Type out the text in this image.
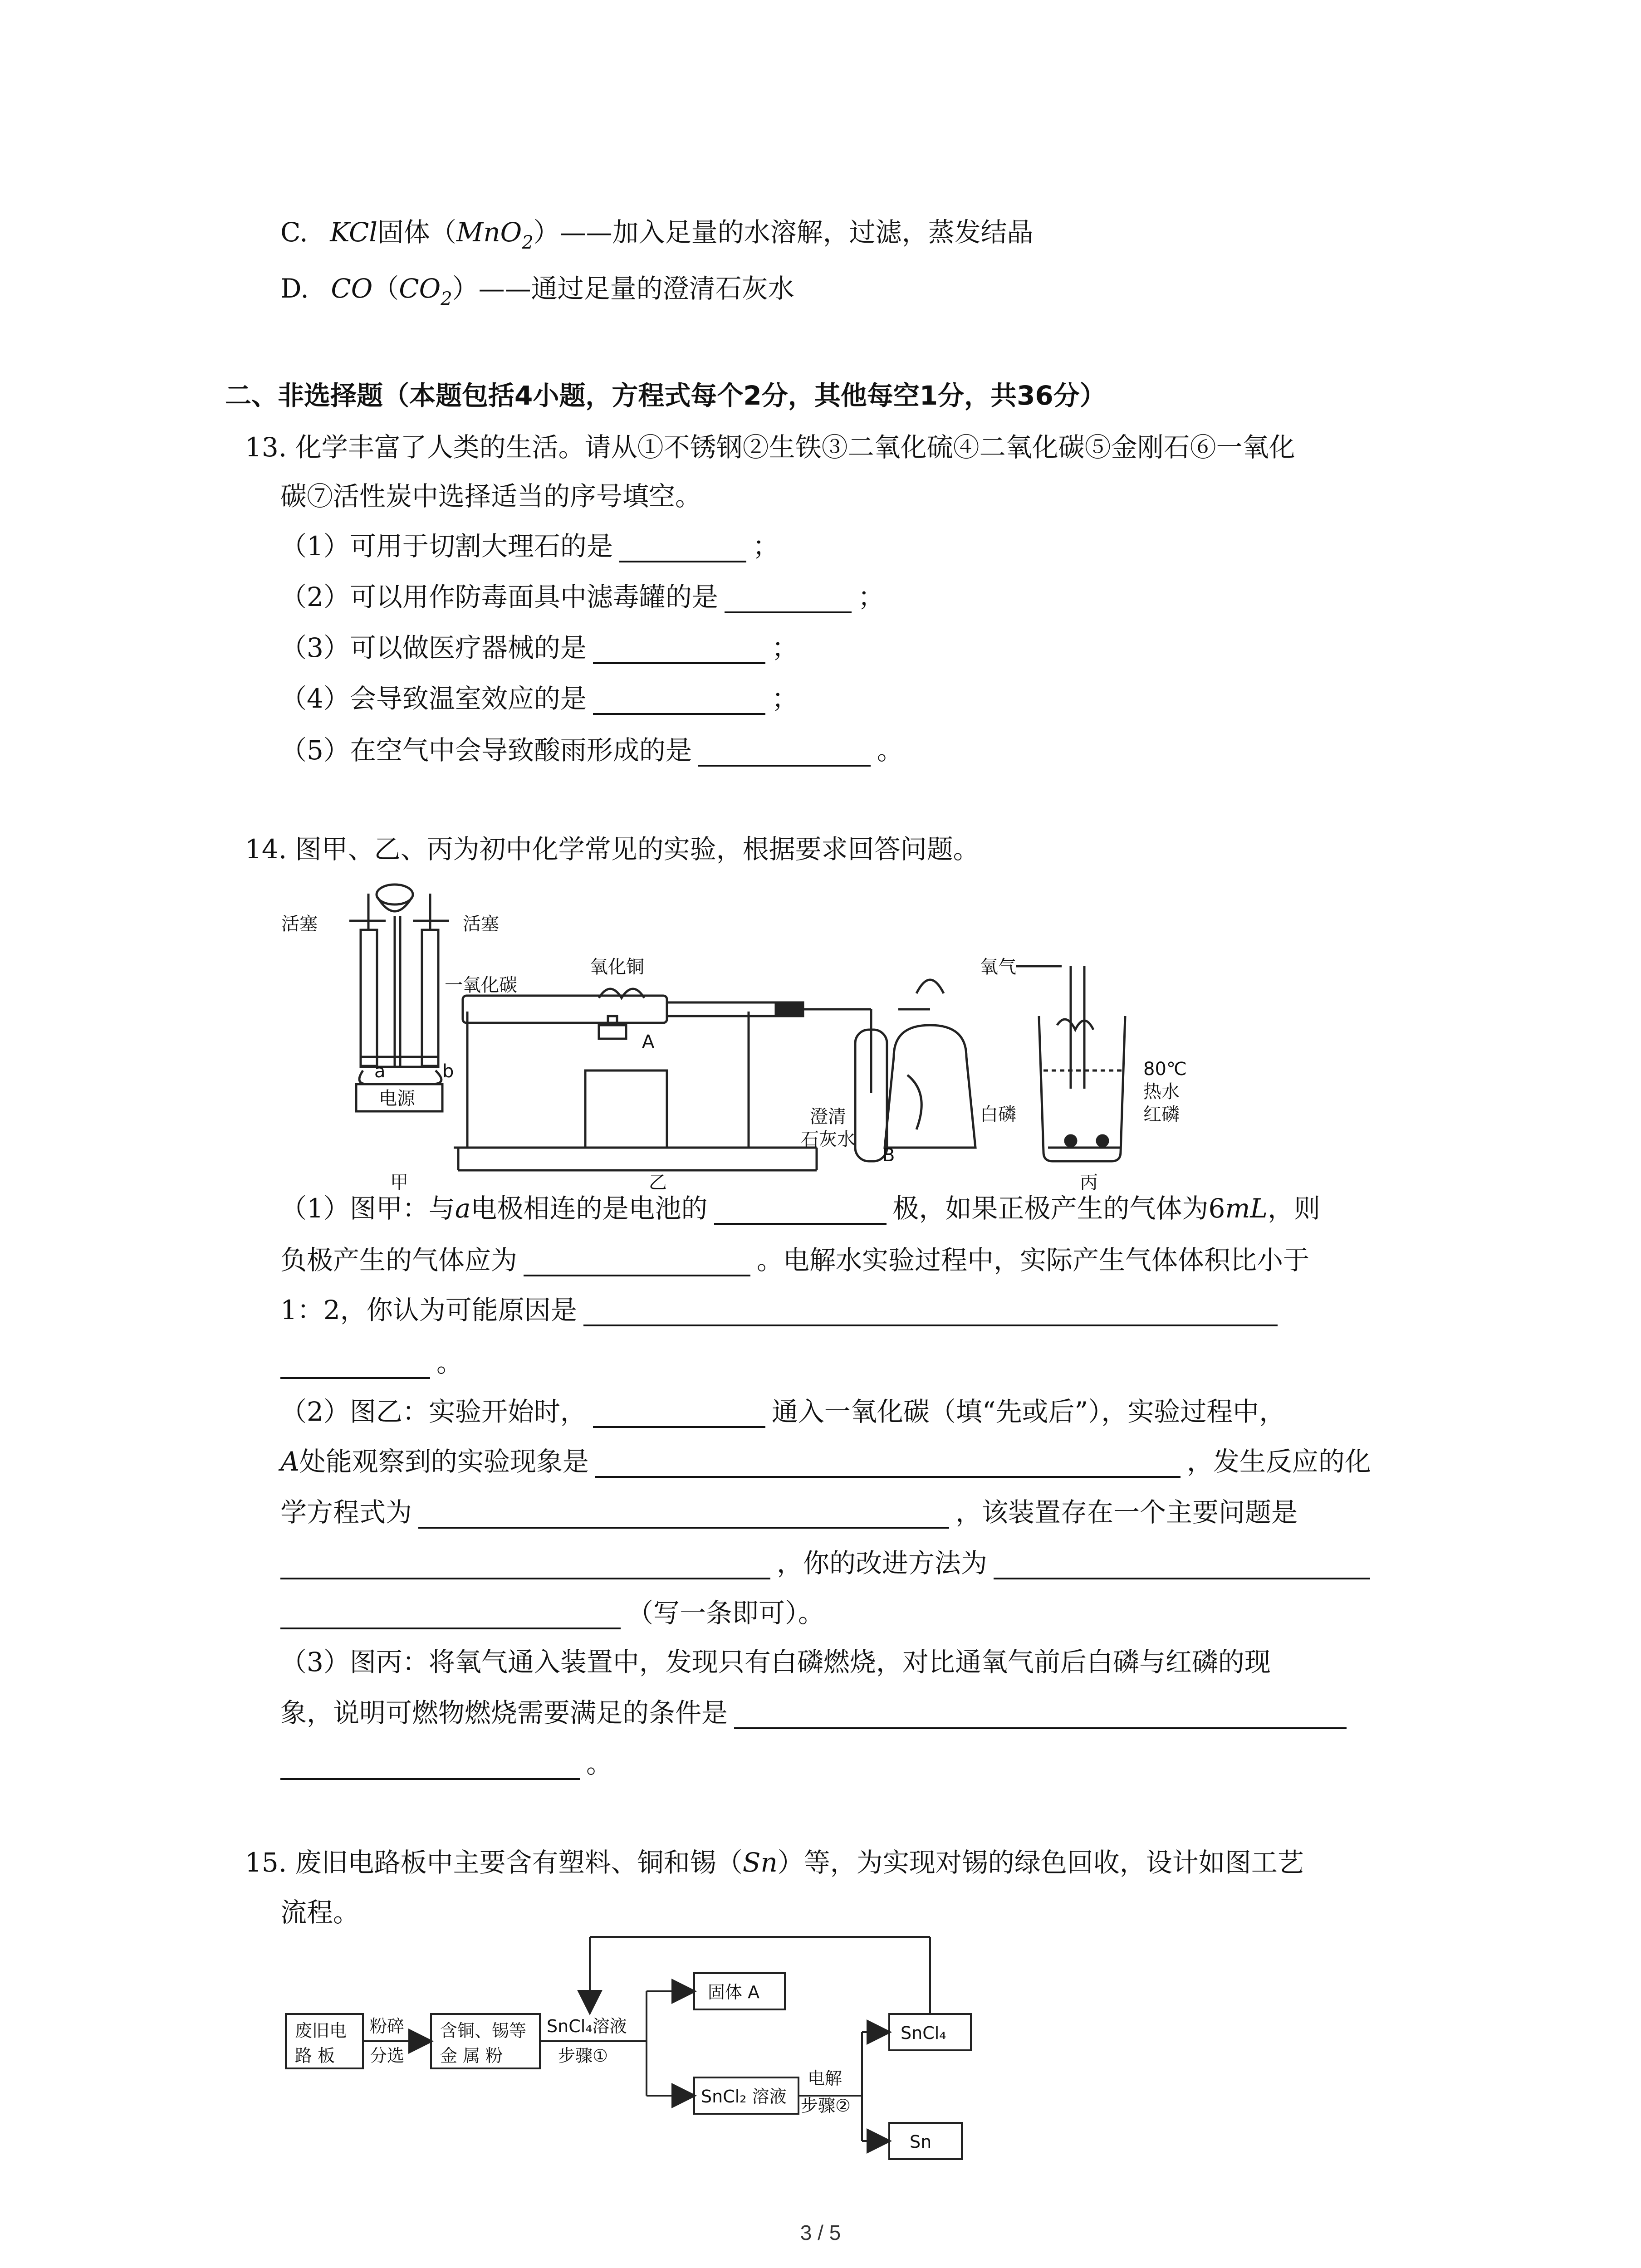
C. KCl固体（MnO$_2$）——加入足量的水溶解，过滤，蒸发结晶
D. $CO(CO_2)——$通过足量的澄清石灰水
二、非选择题（本题包括4小题，方程式每个2分，其他每空1分，共36分）
13. 化学丰富了人类的生活。请从①不锈钢②生铁③二氧化硫④二氧化碳⑤金刚石⑥一氧化
碳⑦活性炭中选择适当的序号填空。
（1）可用于切割大理石的是	；
（2）可以用作防毒面具中滤毒罐的是	；
（3）可以做医疗器械的是	；
（4）会导致温室效应的是	；
（5）在空气中会导致酸雨形成的是	。
14. 图甲、乙、丙为初中化学常见的实验，根据要求回答问题。
活塞	活塞
a	b
电源
甲
一氧化碳
氧化铜
澄清
石灰水
B
A
乙
氧气
80℃
热水
白磷	红磷
丙
（1）图甲：与a电极相连的是电池的	极，如果正极产生的气体为6mL，则
负极产生的气体应为	。电解水实验过程中，实际产生气体体积比小于
1：2，你认为可能原因是
。
（2）图乙：实验开始时，	通入一氧化碳（填“先或后”），实验过程中，
A处能观察到的实验现象是	，发生反应的化
学方程式为	，该装置存在一个主要问题是
，你的改进方法为
（写一条即可）。
（3）图丙：将氧气通入装置中，发现只有白磷燃烧，对比通氧气前后白磷与红磷的现
象，说明可燃物燃烧需要满足的条件是
。
15. 废旧电路板中主要含有塑料、铜和锡（Sn）等，为实现对锡的绿色回收，设计如图工艺
流程。
废旧电
路 板
粉碎
分选
含铜、锡等
金 属 粉
SnCl₄溶液
步骤①
固体 A
SnCl₂ 溶液
电解
步骤②
SnCl₄
Sn
3 / 5
